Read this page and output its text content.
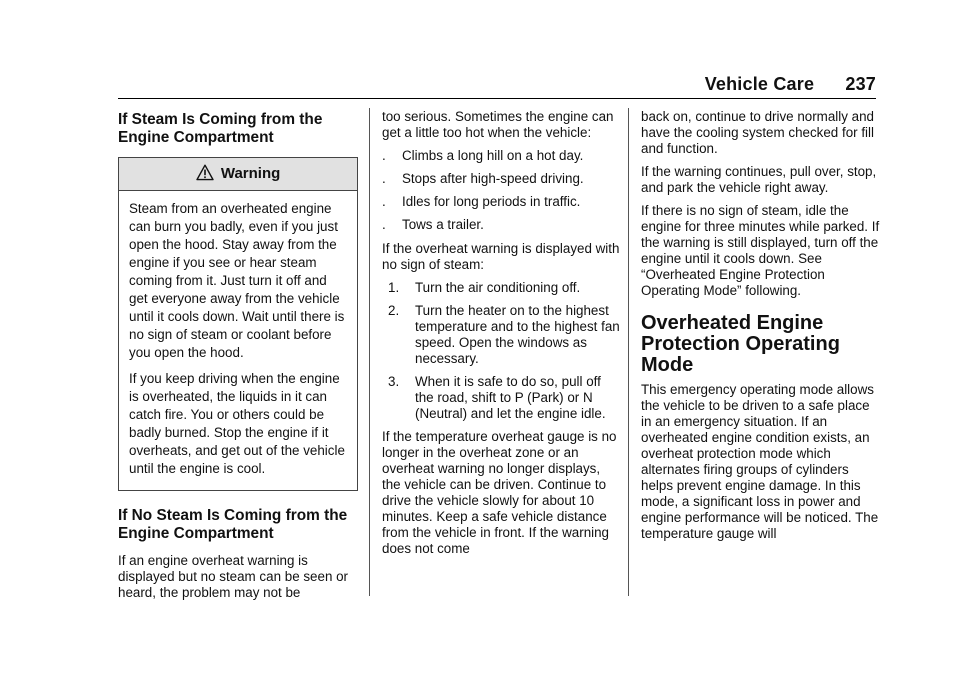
Vehicle Care 237
If Steam Is Coming from the Engine Compartment
Warning

Steam from an overheated engine can burn you badly, even if you just open the hood. Stay away from the engine if you see or hear steam coming from it. Just turn it off and get everyone away from the vehicle until it cools down. Wait until there is no sign of steam or coolant before you open the hood.

If you keep driving when the engine is overheated, the liquids in it can catch fire. You or others could be badly burned. Stop the engine if it overheats, and get out of the vehicle until the engine is cool.

If No Steam Is Coming from the Engine Compartment

If an engine overheat warning is displayed but no steam can be seen or heard, the problem may not be

too serious. Sometimes the engine can get a little too hot when the vehicle:

. Climbs a long hill on a hot day.
. Stops after high-speed driving.
. Idles for long periods in traffic.
. Tows a trailer.

If the overheat warning is displayed with no sign of steam:

1. Turn the air conditioning off.
2. Turn the heater on to the highest temperature and to the highest fan speed. Open the windows as necessary.
3. When it is safe to do so, pull off the road, shift to P (Park) or N (Neutral) and let the engine idle.

If the temperature overheat gauge is no longer in the overheat zone or an overheat warning no longer displays, the vehicle can be driven. Continue to drive the vehicle slowly for about 10 minutes. Keep a safe vehicle distance from the vehicle in front. If the warning does not come

back on, continue to drive normally and have the cooling system checked for fill and function.

If the warning continues, pull over, stop, and park the vehicle right away.

If there is no sign of steam, idle the engine for three minutes while parked. If the warning is still displayed, turn off the engine until it cools down. See “Overheated Engine Protection Operating Mode” following.

Overheated Engine Protection Operating Mode

This emergency operating mode allows the vehicle to be driven to a safe place in an emergency situation. If an overheated engine condition exists, an overheat protection mode which alternates firing groups of cylinders helps prevent engine damage. In this mode, a significant loss in power and engine performance will be noticed. The temperature gauge will
